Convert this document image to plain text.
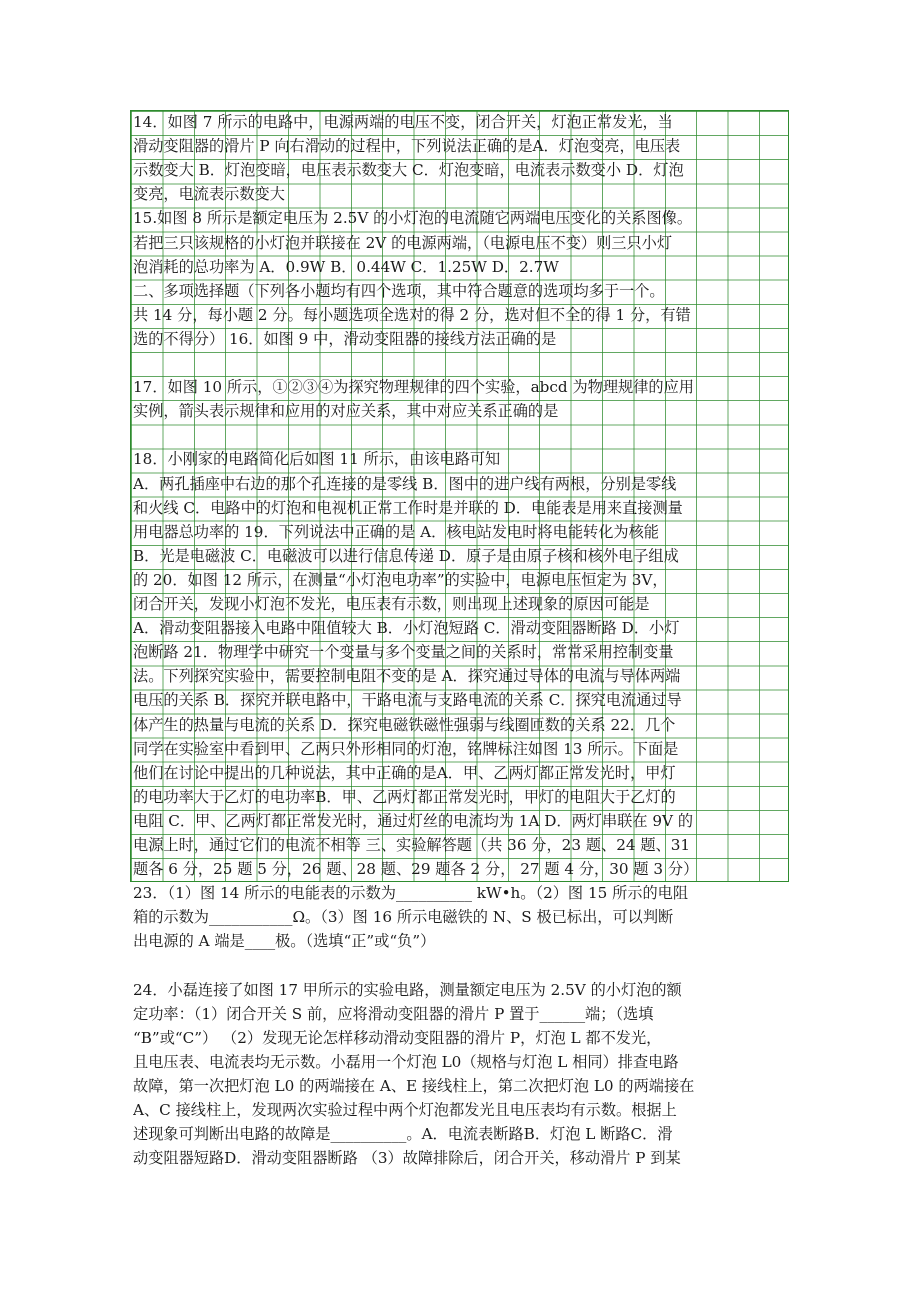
14．如图 7 所示的电路中，电源两端的电压不变，闭合开关，灯泡正常发光，当
滑动变阻器的滑片 P 向右滑动的过程中，下列说法正确的是A．灯泡变亮，电压表
示数变大 B．灯泡变暗，电压表示数变大 C．灯泡变暗，电流表示数变小 D．灯泡
变亮，电流表示数变大
15.如图 8 所示是额定电压为 2.5V 的小灯泡的电流随它两端电压变化的关系图像。
若把三只该规格的小灯泡并联接在 2V 的电源两端，（电源电压不变）则三只小灯
泡消耗的总功率为 A．0.9W B．0.44W C．1.25W D．2.7W
二、多项选择题（下列各小题均有四个选项，其中符合题意的选项均多于一个。
共 14 分，每小题 2 分。每小题选项全选对的得 2 分，选对但不全的得 1 分，有错
选的不得分） 16．如图 9 中，滑动变阻器的接线方法正确的是
17．如图 10 所示，①②③④为探究物理规律的四个实验，abcd 为物理规律的应用
实例，箭头表示规律和应用的对应关系，其中对应关系正确的是
18．小刚家的电路简化后如图 11 所示，由该电路可知
A．两孔插座中右边的那个孔连接的是零线 B．图中的进户线有两根，分别是零线
和火线 C．电路中的灯泡和电视机正常工作时是并联的 D．电能表是用来直接测量
用电器总功率的 19．下列说法中正确的是 A．核电站发电时将电能转化为核能
B．光是电磁波 C．电磁波可以进行信息传递 D．原子是由原子核和核外电子组成
的 20．如图 12 所示，在测量“小灯泡电功率”的实验中，电源电压恒定为 3V，
闭合开关，发现小灯泡不发光，电压表有示数，则出现上述现象的原因可能是
A．滑动变阻器接入电路中阻值较大 B．小灯泡短路 C．滑动变阻器断路 D．小灯
泡断路 21．物理学中研究一个变量与多个变量之间的关系时，常常采用控制变量
法。下列探究实验中，需要控制电阻不变的是 A．探究通过导体的电流与导体两端
电压的关系 B．探究并联电路中，干路电流与支路电流的关系 C．探究电流通过导
体产生的热量与电流的关系 D．探究电磁铁磁性强弱与线圈匝数的关系 22．几个
同学在实验室中看到甲、乙两只外形相同的灯泡，铭牌标注如图 13 所示。下面是
他们在讨论中提出的几种说法，其中正确的是A．甲、乙两灯都正常发光时，甲灯
的电功率大于乙灯的电功率B．甲、乙两灯都正常发光时，甲灯的电阻大于乙灯的
电阻 C．甲、乙两灯都正常发光时，通过灯丝的电流均为 1A D．两灯串联在 9V 的
电源上时，通过它们的电流不相等 三、实验解答题（共 36 分，23 题、24 题、31
题各 6 分，25 题 5 分，26 题、28 题、29 题各 2 分， 27 题 4 分，30 题 3 分）
23．（1）图 14 所示的电能表的示数为__________ kW•h。（2）图 15 所示的电阻
箱的示数为___________Ω。（3）图 16 所示电磁铁的 N、S 极已标出，可以判断
出电源的 A 端是____极。（选填“正”或“负”）
24．小磊连接了如图 17 甲所示的实验电路，测量额定电压为 2.5V 的小灯泡的额
定功率：（1）闭合开关 S 前，应将滑动变阻器的滑片 P 置于______端；（选填
“B”或“C”） （2）发现无论怎样移动滑动变阻器的滑片 P，灯泡 L 都不发光，
且电压表、电流表均无示数。小磊用一个灯泡 L0（规格与灯泡 L 相同）排查电路
故障，第一次把灯泡 L0 的两端接在 A、E 接线柱上，第二次把灯泡 L0 的两端接在
A、C 接线柱上，发现两次实验过程中两个灯泡都发光且电压表均有示数。根据上
述现象可判断出电路的故障是__________。A．电流表断路B．灯泡 L 断路C．滑
动变阻器短路D．滑动变阻器断路 （3）故障排除后，闭合开关，移动滑片 P 到某
